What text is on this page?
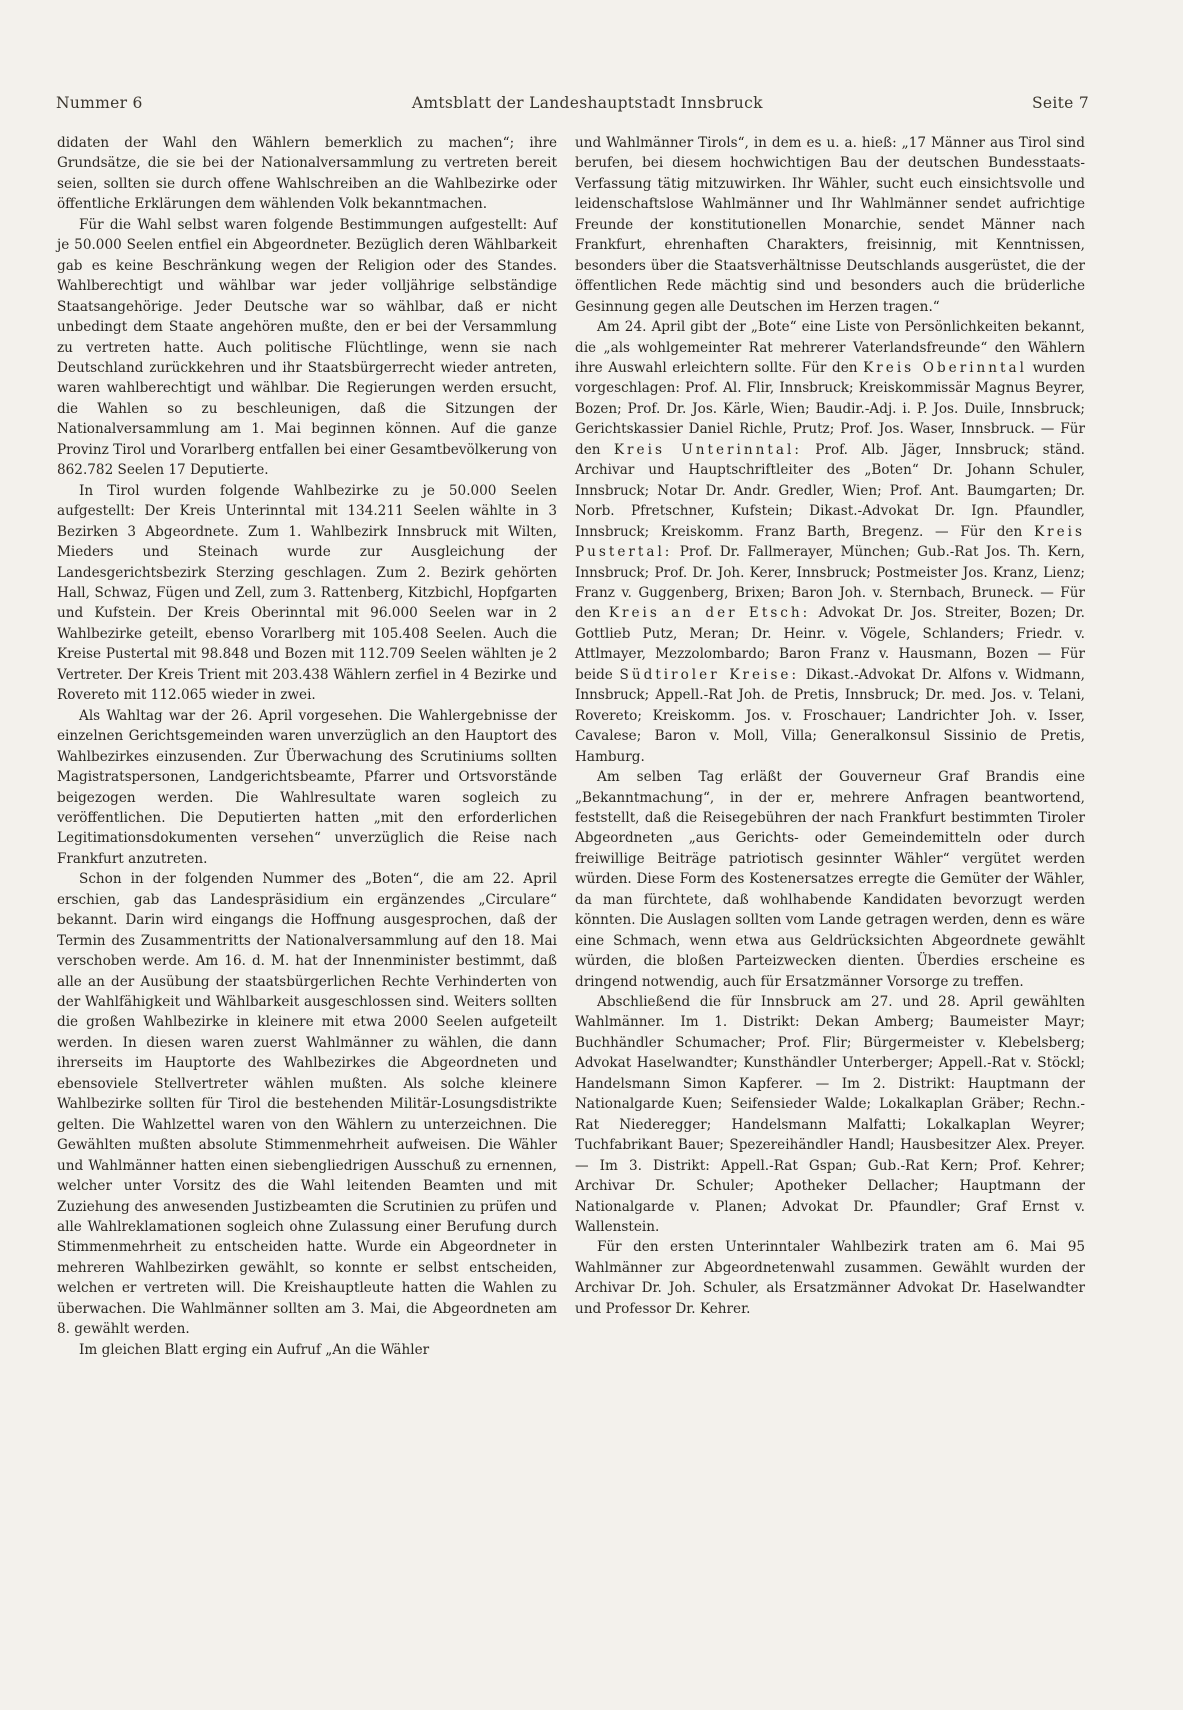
Nummer 6	Amtsblatt der Landeshauptstadt Innsbruck	Seite 7

didaten der Wahl den Wählern bemerklich zu machen“; ihre Grundsätze, die sie bei der Nationalversammlung zu vertreten bereit seien, sollten sie durch offene Wahlschreiben an die Wahlbezirke oder öffentliche Erklärungen dem wählenden Volk bekanntmachen.

Für die Wahl selbst waren folgende Bestimmungen aufgestellt: Auf je 50.000 Seelen entfiel ein Abgeordneter. Bezüglich deren Wählbarkeit gab es keine Beschränkung wegen der Religion oder des Standes. Wahlberechtigt und wählbar war jeder volljährige selbständige Staatsangehörige. Jeder Deutsche war so wählbar, daß er nicht unbedingt dem Staate angehören mußte, den er bei der Versammlung zu vertreten hatte. Auch politische Flüchtlinge, wenn sie nach Deutschland zurückkehren und ihr Staatsbürgerrecht wieder antreten, waren wahlberechtigt und wählbar. Die Regierungen werden ersucht, die Wahlen so zu beschleunigen, daß die Sitzungen der Nationalversammlung am 1. Mai beginnen können. Auf die ganze Provinz Tirol und Vorarlberg entfallen bei einer Gesamtbevölkerung von 862.782 Seelen 17 Deputierte.

In Tirol wurden folgende Wahlbezirke zu je 50.000 Seelen aufgestellt: Der Kreis Unterinntal mit 134.211 Seelen wählte in 3 Bezirken 3 Abgeordnete. Zum 1. Wahlbezirk Innsbruck mit Wilten, Mieders und Steinach wurde zur Ausgleichung der Landesgerichtsbezirk Sterzing geschlagen. Zum 2. Bezirk gehörten Hall, Schwaz, Fügen und Zell, zum 3. Rattenberg, Kitzbichl, Hopfgarten und Kufstein. Der Kreis Oberinntal mit 96.000 Seelen war in 2 Wahlbezirke geteilt, ebenso Vorarlberg mit 105.408 Seelen. Auch die Kreise Pustertal mit 98.848 und Bozen mit 112.709 Seelen wählten je 2 Vertreter. Der Kreis Trient mit 203.438 Wählern zerfiel in 4 Bezirke und Rovereto mit 112.065 wieder in zwei.

Als Wahltag war der 26. April vorgesehen. Die Wahlergebnisse der einzelnen Gerichtsgemeinden waren unverzüglich an den Hauptort des Wahlbezirkes einzusenden. Zur Überwachung des Scrutiniums sollten Magistratspersonen, Landgerichtsbeamte, Pfarrer und Ortsvorstände beigezogen werden. Die Wahlresultate waren sogleich zu veröffentlichen. Die Deputierten hatten „mit den erforderlichen Legitimationsdokumenten versehen“ unverzüglich die Reise nach Frankfurt anzutreten.

Schon in der folgenden Nummer des „Boten“, die am 22. April erschien, gab das Landespräsidium ein ergänzendes „Circulare“ bekannt. Darin wird eingangs die Hoffnung ausgesprochen, daß der Termin des Zusammentritts der Nationalversammlung auf den 18. Mai verschoben werde. Am 16. d. M. hat der Innenminister bestimmt, daß alle an der Ausübung der staatsbürgerlichen Rechte Verhinderten von der Wahlfähigkeit und Wählbarkeit ausgeschlossen sind. Weiters sollten die großen Wahlbezirke in kleinere mit etwa 2000 Seelen aufgeteilt werden. In diesen waren zuerst Wahlmänner zu wählen, die dann ihrerseits im Hauptorte des Wahlbezirkes die Abgeordneten und ebensoviele Stellvertreter wählen mußten. Als solche kleinere Wahlbezirke sollten für Tirol die bestehenden Militär-Losungsdistrikte gelten. Die Wahlzettel waren von den Wählern zu unterzeichnen. Die Gewählten mußten absolute Stimmenmehrheit aufweisen. Die Wähler und Wahlmänner hatten einen siebengliedrigen Ausschuß zu ernennen, welcher unter Vorsitz des die Wahl leitenden Beamten und mit Zuziehung des anwesenden Justizbeamten die Scrutinien zu prüfen und alle Wahlreklamationen sogleich ohne Zulassung einer Berufung durch Stimmenmehrheit zu entscheiden hatte. Wurde ein Abgeordneter in mehreren Wahlbezirken gewählt, so konnte er selbst entscheiden, welchen er vertreten will. Die Kreishauptleute hatten die Wahlen zu überwachen. Die Wahlmänner sollten am 3. Mai, die Abgeordneten am 8. gewählt werden.

Im gleichen Blatt erging ein Aufruf „An die Wähler

und Wahlmänner Tirols“, in dem es u. a. hieß: „17 Männer aus Tirol sind berufen, bei diesem hochwichtigen Bau der deutschen Bundesstaats-Verfassung tätig mitzuwirken. Ihr Wähler, sucht euch einsichtsvolle und leidenschaftslose Wahlmänner und Ihr Wahlmänner sendet aufrichtige Freunde der konstitutionellen Monarchie, sendet Männer nach Frankfurt, ehrenhaften Charakters, freisinnig, mit Kenntnissen, besonders über die Staatsverhältnisse Deutschlands ausgerüstet, die der öffentlichen Rede mächtig sind und besonders auch die brüderliche Gesinnung gegen alle Deutschen im Herzen tragen.“

Am 24. April gibt der „Bote“ eine Liste von Persönlichkeiten bekannt, die „als wohlgemeinter Rat mehrerer Vaterlandsfreunde“ den Wählern ihre Auswahl erleichtern sollte. Für den Kreis Oberinntal wurden vorgeschlagen: Prof. Al. Flir, Innsbruck; Kreiskommissär Magnus Beyrer, Bozen; Prof. Dr. Jos. Kärle, Wien; Baudir.-Adj. i. P. Jos. Duile, Innsbruck; Gerichtskassier Daniel Richle, Prutz; Prof. Jos. Waser, Innsbruck. — Für den Kreis Unterinntal: Prof. Alb. Jäger, Innsbruck; ständ. Archivar und Hauptschriftleiter des „Boten“ Dr. Johann Schuler, Innsbruck; Notar Dr. Andr. Gredler, Wien; Prof. Ant. Baumgarten; Dr. Norb. Pfretschner, Kufstein; Dikast.-Advokat Dr. Ign. Pfaundler, Innsbruck; Kreiskomm. Franz Barth, Bregenz. — Für den Kreis Pustertal: Prof. Dr. Fallmerayer, München; Gub.-Rat Jos. Th. Kern, Innsbruck; Prof. Dr. Joh. Kerer, Innsbruck; Postmeister Jos. Kranz, Lienz; Franz v. Guggenberg, Brixen; Baron Joh. v. Sternbach, Bruneck. — Für den Kreis an der Etsch: Advokat Dr. Jos. Streiter, Bozen; Dr. Gottlieb Putz, Meran; Dr. Heinr. v. Vögele, Schlanders; Friedr. v. Attlmayer, Mezzolombardo; Baron Franz v. Hausmann, Bozen — Für beide Südtiroler Kreise: Dikast.-Advokat Dr. Alfons v. Widmann, Innsbruck; Appell.-Rat Joh. de Pretis, Innsbruck; Dr. med. Jos. v. Telani, Rovereto; Kreiskomm. Jos. v. Froschauer; Landrichter Joh. v. Isser, Cavalese; Baron v. Moll, Villa; Generalkonsul Sissinio de Pretis, Hamburg.

Am selben Tag erläßt der Gouverneur Graf Brandis eine „Bekanntmachung“, in der er, mehrere Anfragen beantwortend, feststellt, daß die Reisegebühren der nach Frankfurt bestimmten Tiroler Abgeordneten „aus Gerichts- oder Gemeindemitteln oder durch freiwillige Beiträge patriotisch gesinnter Wähler“ vergütet werden würden. Diese Form des Kostenersatzes erregte die Gemüter der Wähler, da man fürchtete, daß wohlhabende Kandidaten bevorzugt werden könnten. Die Auslagen sollten vom Lande getragen werden, denn es wäre eine Schmach, wenn etwa aus Geldrücksichten Abgeordnete gewählt würden, die bloßen Parteizwecken dienten. Überdies erscheine es dringend notwendig, auch für Ersatzmänner Vorsorge zu treffen.

Abschließend die für Innsbruck am 27. und 28. April gewählten Wahlmänner. Im 1. Distrikt: Dekan Amberg; Baumeister Mayr; Buchhändler Schumacher; Prof. Flir; Bürgermeister v. Klebelsberg; Advokat Haselwandter; Kunsthändler Unterberger; Appell.-Rat v. Stöckl; Handelsmann Simon Kapferer. — Im 2. Distrikt: Hauptmann der Nationalgarde Kuen; Seifensieder Walde; Lokalkaplan Gräber; Rechn.-Rat Niederegger; Handelsmann Malfatti; Lokalkaplan Weyrer; Tuchfabrikant Bauer; Spezereihändler Handl; Hausbesitzer Alex. Preyer. — Im 3. Distrikt: Appell.-Rat Gspan; Gub.-Rat Kern; Prof. Kehrer; Archivar Dr. Schuler; Apotheker Dellacher; Hauptmann der Nationalgarde v. Planen; Advokat Dr. Pfaundler; Graf Ernst v. Wallenstein.

Für den ersten Unterinntaler Wahlbezirk traten am 6. Mai 95 Wahlmänner zur Abgeordnetenwahl zusammen. Gewählt wurden der Archivar Dr. Joh. Schuler, als Ersatzmänner Advokat Dr. Haselwandter und Professor Dr. Kehrer.
